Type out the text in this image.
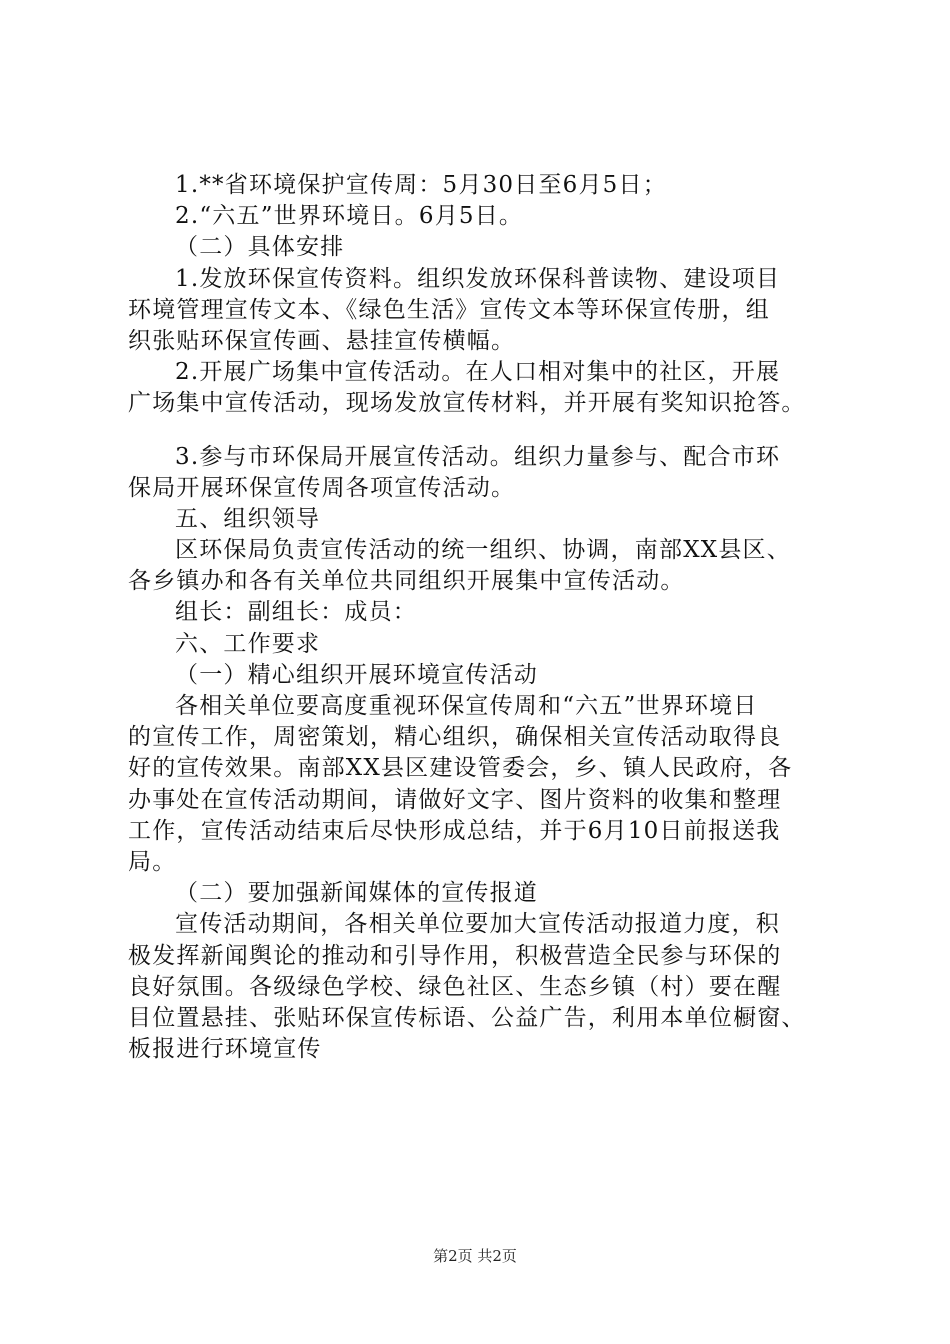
1.**省环境保护宣传周：5月30日至6月5日；
2.“六五”世界环境日。6月5日。
（二）具体安排
1.发放环保宣传资料。组织发放环保科普读物、建设项目
环境管理宣传文本、《绿色生活》宣传文本等环保宣传册，组
织张贴环保宣传画、悬挂宣传横幅。
2.开展广场集中宣传活动。在人口相对集中的社区，开展
广场集中宣传活动，现场发放宣传材料，并开展有奖知识抢答。
3.参与市环保局开展宣传活动。组织力量参与、配合市环
保局开展环保宣传周各项宣传活动。
五、组织领导
区环保局负责宣传活动的统一组织、协调，南部XX县区、
各乡镇办和各有关单位共同组织开展集中宣传活动。
组长：副组长：成员：
六、工作要求
（一）精心组织开展环境宣传活动
各相关单位要高度重视环保宣传周和“六五”世界环境日
的宣传工作，周密策划，精心组织，确保相关宣传活动取得良
好的宣传效果。南部XX县区建设管委会，乡、镇人民政府，各
办事处在宣传活动期间，请做好文字、图片资料的收集和整理
工作，宣传活动结束后尽快形成总结，并于6月10日前报送我
局。
（二）要加强新闻媒体的宣传报道
宣传活动期间，各相关单位要加大宣传活动报道力度，积
极发挥新闻舆论的推动和引导作用，积极营造全民参与环保的
良好氛围。各级绿色学校、绿色社区、生态乡镇（村）要在醒
目位置悬挂、张贴环保宣传标语、公益广告，利用本单位橱窗、
板报进行环境宣传
第2页 共2页
